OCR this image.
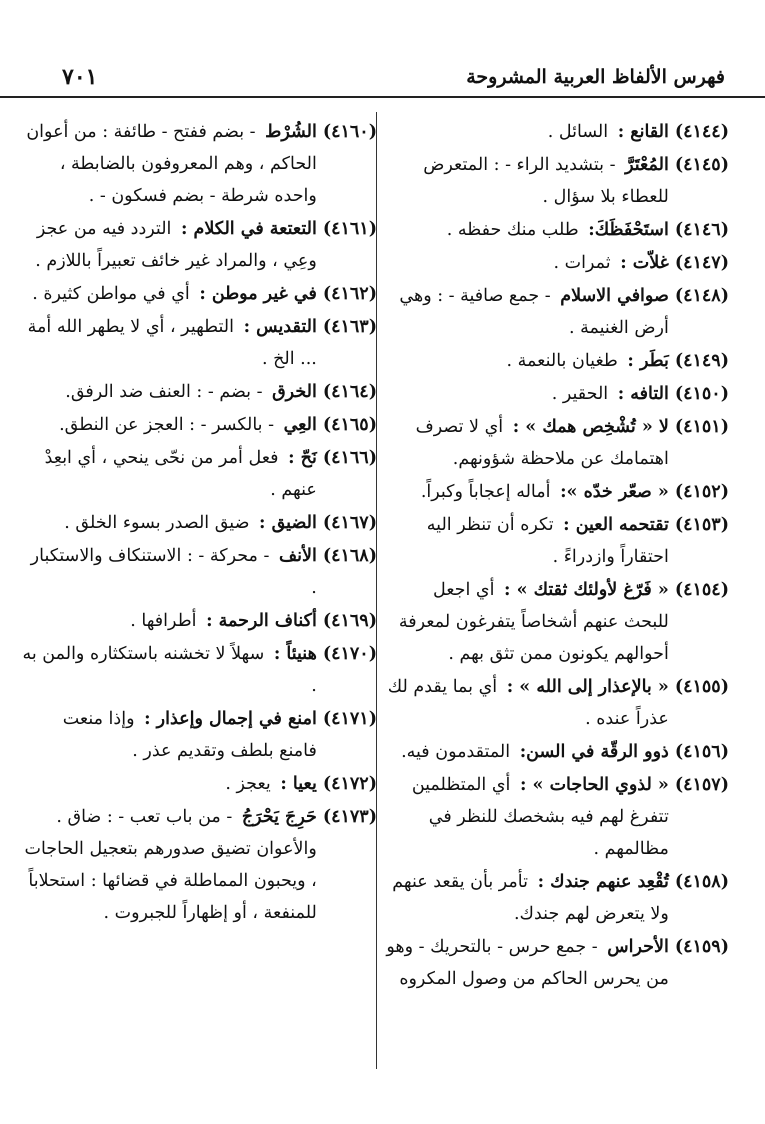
فهرس الألفاظ العربية المشروحة
٧٠١
(٤١٤٤)
القانع : السائل .
(٤١٤٥)
المُعْتَرَّ - بتشديد الراء - : المتعرض للعطاء بلا سؤال .
(٤١٤٦)
استَحْفَظَكَ: طلب منك حفظه .
(٤١٤٧)
غلاّت : ثمرات .
(٤١٤٨)
صوافي الاسلام - جمع صافية - : وهي أرض الغنيمة .
(٤١٤٩)
بَطَر : طغيان بالنعمة .
(٤١٥٠)
التافه : الحقير .
(٤١٥١)
لا « تُشْخِص همك » : أي لا تصرف اهتمامك عن ملاحظة شؤونهم.
(٤١٥٢)
« صعّر خدّه »: أماله إعجاباً وكبراً.
(٤١٥٣)
تقتحمه العين : تكره أن تنظر اليه احتقاراً وازدراءً .
(٤١٥٤)
« فَرّغ لأولئك ثقتك » : أي اجعل للبحث عنهم أشخاصاً يتفرغون لمعرفة أحوالهم يكونون ممن تثق بهم .
(٤١٥٥)
« بالإعذار إلى الله » : أي بما يقدم لك عذراً عنده .
(٤١٥٦)
ذوو الرقّة في السن: المتقدمون فيه.
(٤١٥٧)
« لذوي الحاجات » : أي المتظلمين تتفرغ لهم فيه بشخصك للنظر في مظالمهم .
(٤١٥٨)
تُقْعِد عنهم جندك : تأمر بأن يقعد عنهم ولا يتعرض لهم جندك.
(٤١٥٩)
الأحراس - جمع حرس - بالتحريك - وهو من يحرس الحاكم من وصول المكروه
(٤١٦٠)
الشُرْط - بضم ففتح - طائفة : من أعوان الحاكم ، وهم المعروفون بالضابطة ، واحده شرطة - بضم فسكون - .
(٤١٦١)
التعتعة في الكلام : التردد فيه من عجز وعِي ، والمراد غير خائف تعبيراً باللازم .
(٤١٦٢)
في غير موطن : أي في مواطن كثيرة .
(٤١٦٣)
التقديس : التطهير ، أي لا يطهر الله أمة ... الخ .
(٤١٦٤)
الخرق - بضم - : العنف ضد الرفق.
(٤١٦٥)
العِي - بالكسر - : العجز عن النطق.
(٤١٦٦)
نَحّ : فعل أمر من نحّى ينحي ، أي ابعِدْ عنهم .
(٤١٦٧)
الضيق : ضيق الصدر بسوء الخلق .
(٤١٦٨)
الأنف - محركة - : الاستنكاف والاستكبار .
(٤١٦٩)
أكناف الرحمة : أطرافها .
(٤١٧٠)
هنيئاً : سهلاً لا تخشنه باستكثاره والمن به .
(٤١٧١)
امنع في إجمال وإعذار : وإذا منعت فامنع بلطف وتقديم عذر .
(٤١٧٢)
يعيا : يعجز .
(٤١٧٣)
حَرِجَ يَحْرَجُ - من باب تعب - : ضاق . والأعوان تضيق صدورهم بتعجيل الحاجات ، ويحبون المماطلة في قضائها : استحلاباً للمنفعة ، أو إظهاراً للجبروت .
